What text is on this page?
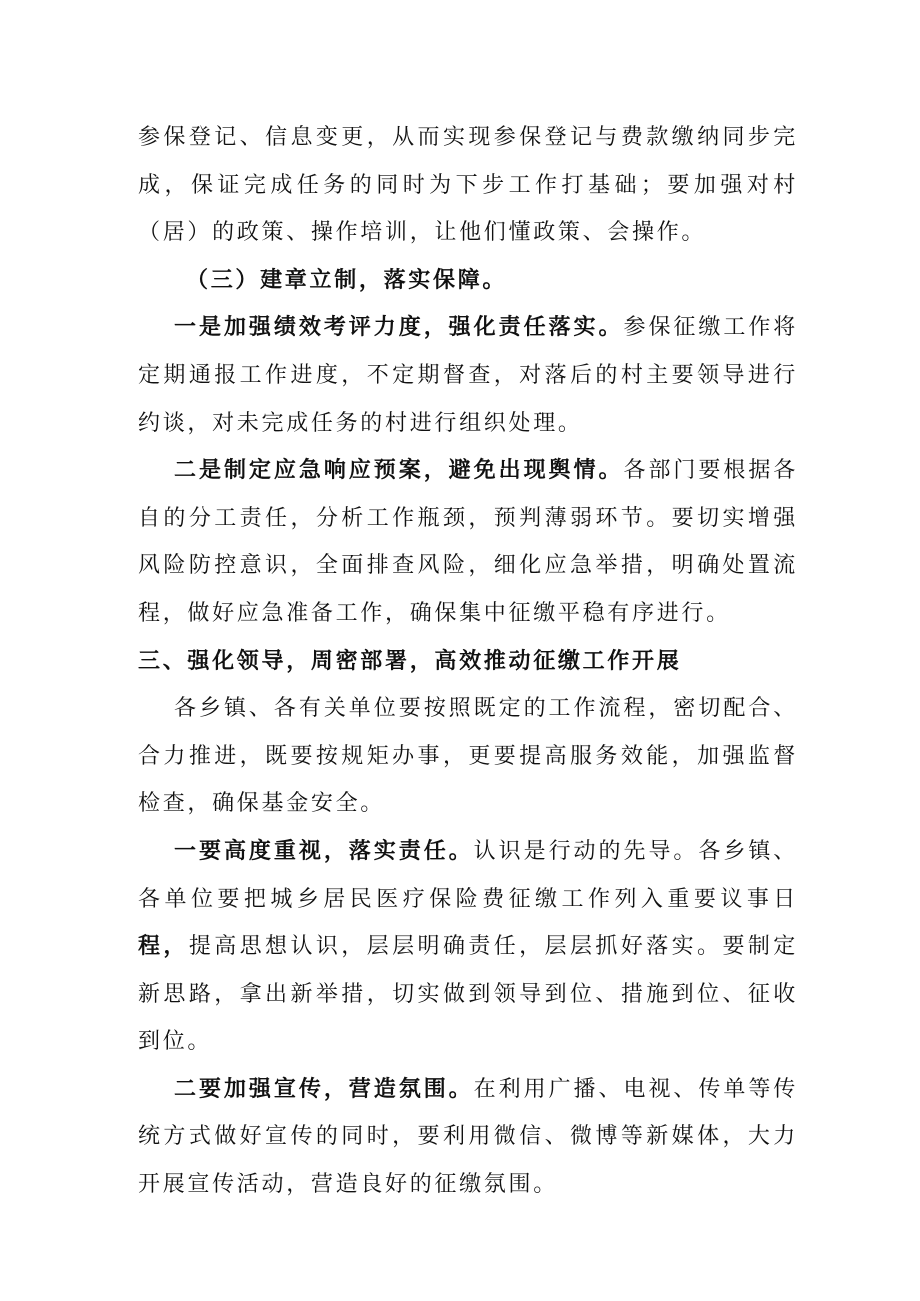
参保登记、信息变更，从而实现参保登记与费款缴纳同步完成，保证完成任务的同时为下步工作打基础；要加强对村（居）的政策、操作培训，让他们懂政策、会操作。

（三）建章立制，落实保障。

一是加强绩效考评力度，强化责任落实。参保征缴工作将定期通报工作进度，不定期督查，对落后的村主要领导进行约谈，对未完成任务的村进行组织处理。

二是制定应急响应预案，避免出现舆情。各部门要根据各自的分工责任，分析工作瓶颈，预判薄弱环节。要切实增强风险防控意识，全面排查风险，细化应急举措，明确处置流程，做好应急准备工作，确保集中征缴平稳有序进行。

三、强化领导，周密部署，高效推动征缴工作开展

各乡镇、各有关单位要按照既定的工作流程，密切配合、合力推进，既要按规矩办事，更要提高服务效能，加强监督检查，确保基金安全。

一要高度重视，落实责任。认识是行动的先导。各乡镇、各单位要把城乡居民医疗保险费征缴工作列入重要议事日程，提高思想认识，层层明确责任，层层抓好落实。要制定新思路，拿出新举措，切实做到领导到位、措施到位、征收到位。

二要加强宣传，营造氛围。在利用广播、电视、传单等传统方式做好宣传的同时，要利用微信、微博等新媒体，大力开展宣传活动，营造良好的征缴氛围。
